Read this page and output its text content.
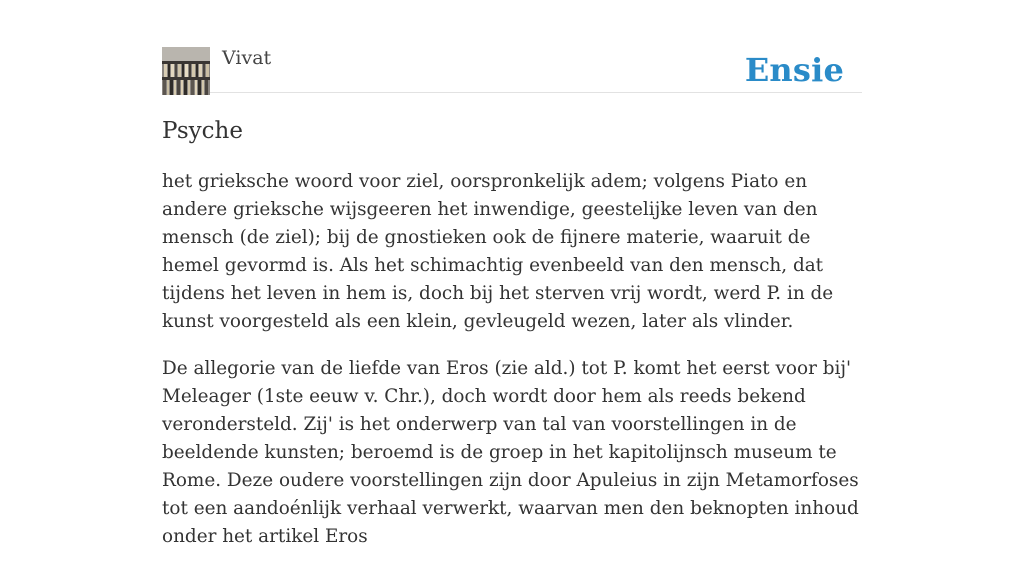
Vivat	Ensie
Psyche

het grieksche woord voor ziel, oorspronkelijk adem; volgens Piato en andere grieksche wijsgeeren het inwendige, geestelijke leven van den mensch (de ziel); bij de gnostieken ook de fijnere materie, waaruit de hemel gevormd is. Als het schimachtig evenbeeld van den mensch, dat tijdens het leven in hem is, doch bij het sterven vrij wordt, werd P. in de kunst voorgesteld als een klein, gevleugeld wezen, later als vlinder.

De allegorie van de liefde van Eros (zie ald.) tot P. komt het eerst voor bij' Meleager (1ste eeuw v. Chr.), doch wordt door hem als reeds bekend verondersteld. Zij' is het onderwerp van tal van voorstellingen in de beeldende kunsten; beroemd is de groep in het kapitolijnsch museum te Rome. Deze oudere voorstellingen zijn door Apuleius in zijn Metamorfoses tot een aandoénlijk verhaal verwerkt, waarvan men den beknopten inhoud onder het artikel Eros
